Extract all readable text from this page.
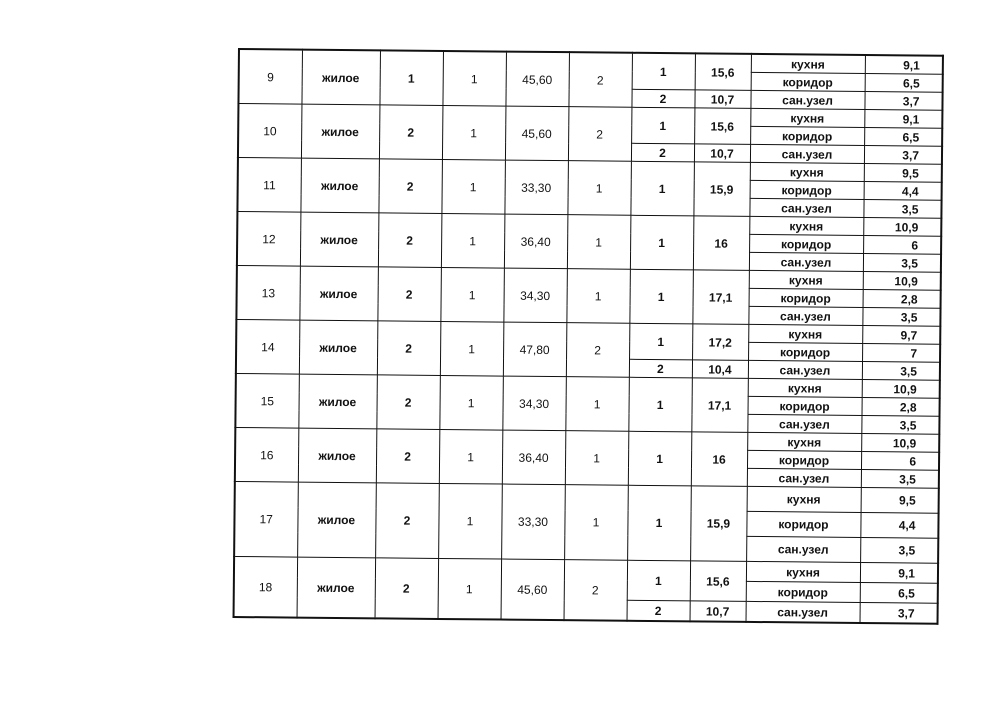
9	жилое	1	1	45,60	2	1	15,6	кухня	9,1
								коридор	6,5
						2	10,7	сан.узел	3,7
10	жилое	2	1	45,60	2	1	15,6	кухня	9,1
								коридор	6,5
						2	10,7	сан.узел	3,7
11	жилое	2	1	33,30	1	1	15,9	кухня	9,5
								коридор	4,4
								сан.узел	3,5
12	жилое	2	1	36,40	1	1	16	кухня	10,9
								коридор	6
								сан.узел	3,5
13	жилое	2	1	34,30	1	1	17,1	кухня	10,9
								коридор	2,8
								сан.узел	3,5
14	жилое	2	1	47,80	2	1	17,2	кухня	9,7
								коридор	7
						2	10,4	сан.узел	3,5
15	жилое	2	1	34,30	1	1	17,1	кухня	10,9
								коридор	2,8
								сан.узел	3,5
16	жилое	2	1	36,40	1	1	16	кухня	10,9
								коридор	6
								сан.узел	3,5
17	жилое	2	1	33,30	1	1	15,9	кухня	9,5
								коридор	4,4
								сан.узел	3,5
18	жилое	2	1	45,60	2	1	15,6	кухня	9,1
								коридор	6,5
						2	10,7	сан.узел	3,7
